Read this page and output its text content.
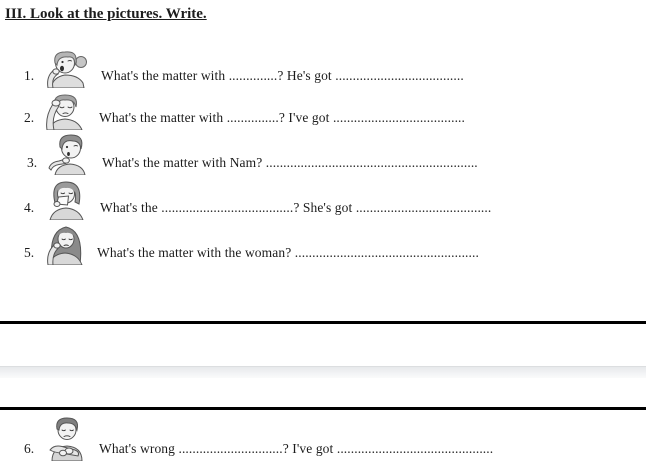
III. Look at the pictures. Write.
1.	What's the matter with ..............? He's got .....................................
2.	What's the matter with ...............? I've got ......................................
3.	What's the matter with Nam? .............................................................
4.	What's the ......................................? She's got .......................................
5.	What's the matter with the woman? .....................................................
6.	What's wrong ..............................? I've got .............................................
